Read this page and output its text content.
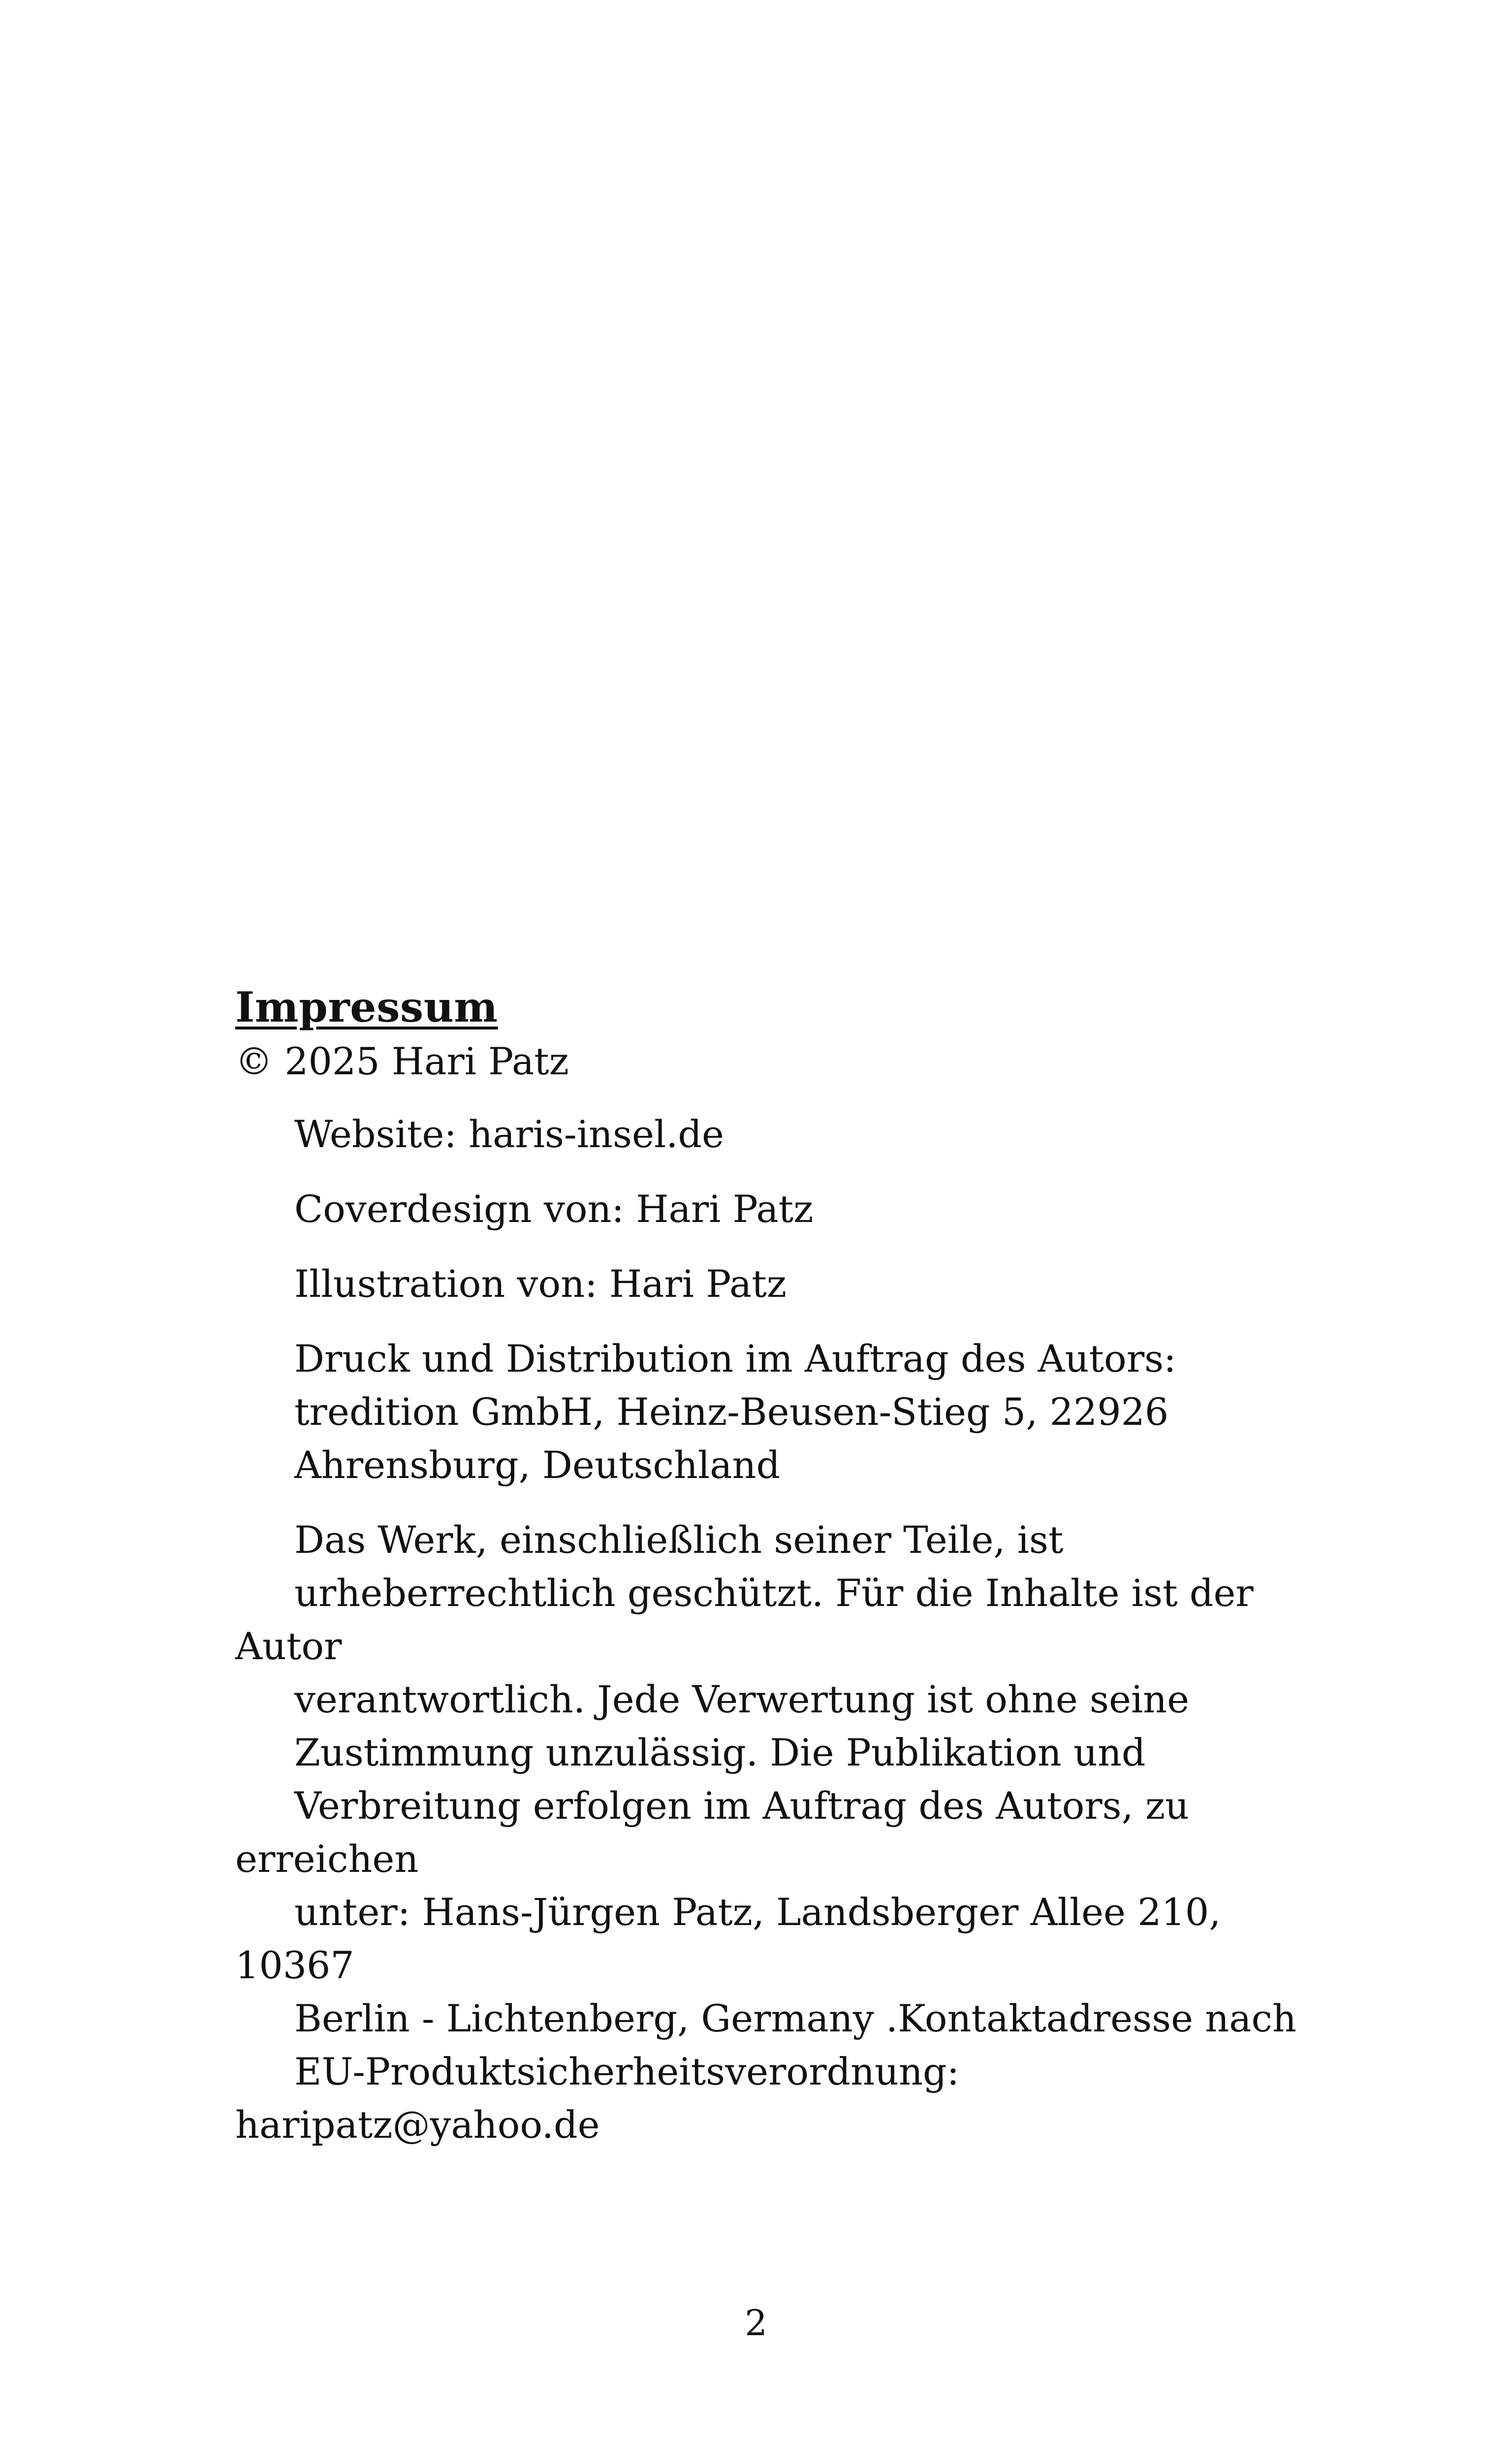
Impressum

© 2025 Hari Patz

Website: haris-insel.de

Coverdesign von: Hari Patz

Illustration von: Hari Patz

Druck und Distribution im Auftrag des Autors:
tredition GmbH, Heinz-Beusen-Stieg 5, 22926
Ahrensburg, Deutschland

Das Werk, einschließlich seiner Teile, ist
urheberrechtlich geschützt. Für die Inhalte ist der Autor
verantwortlich. Jede Verwertung ist ohne seine
Zustimmung unzulässig. Die Publikation und
Verbreitung erfolgen im Auftrag des Autors, zu erreichen
unter: Hans-Jürgen Patz, Landsberger Allee 210, 10367
Berlin - Lichtenberg, Germany .Kontaktadresse nach
EU-Produktsicherheitsverordnung: haripatz@yahoo.de

2
